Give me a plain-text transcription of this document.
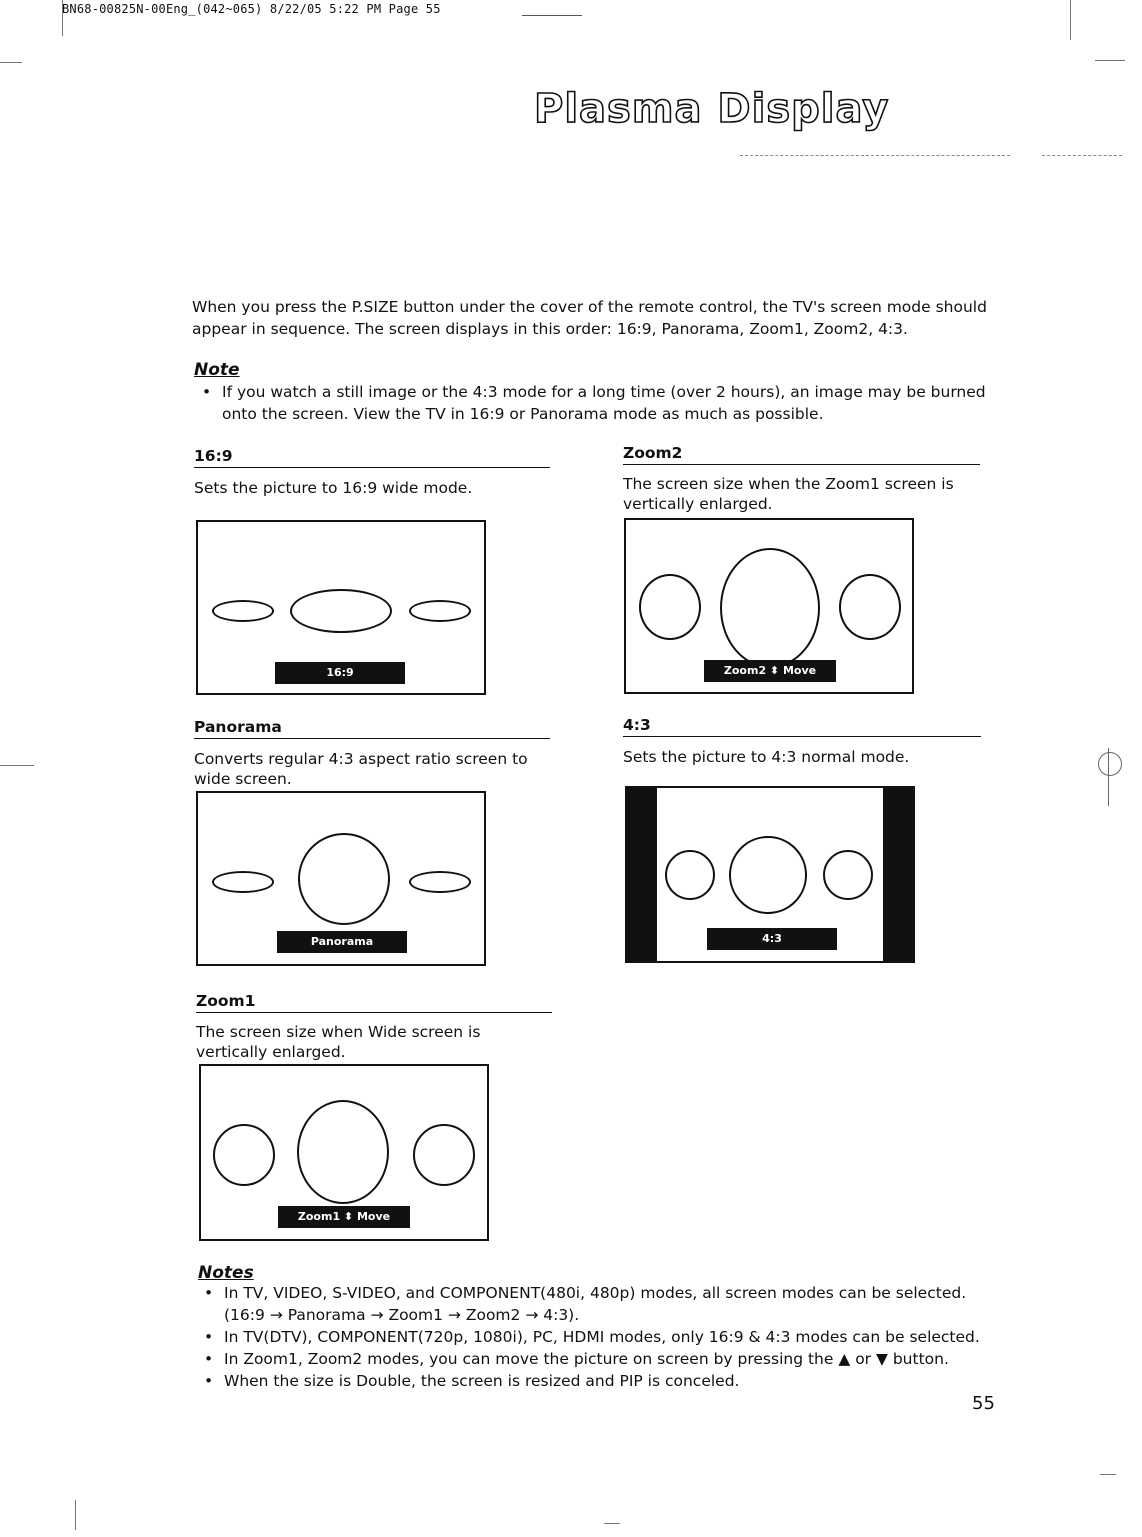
BN68-00825N-00Eng_(042~065) 8/22/05 5:22 PM Page 55
Plasma Display
When you press the P.SIZE button under the cover of the remote control, the TV's screen mode should
appear in sequence. The screen displays in this order: 16:9, Panorama, Zoom1, Zoom2, 4:3.
Note
• If you watch a still image or the 4:3 mode for a long time (over 2 hours), an image may be burned
onto the screen. View the TV in 16:9 or Panorama mode as much as possible.
16:9
Sets the picture to 16:9 wide mode.
16:9
Panorama
Converts regular 4:3 aspect ratio screen to
wide screen.
Panorama
Zoom1
The screen size when Wide screen is
vertically enlarged.
Zoom1 ⬍ Move
Zoom2
The screen size when the Zoom1 screen is
vertically enlarged.
Zoom2 ⬍ Move
4:3
Sets the picture to 4:3 normal mode.
4:3
Notes
• In TV, VIDEO, S-VIDEO, and COMPONENT(480i, 480p) modes, all screen modes can be selected.
(16:9 → Panorama → Zoom1 → Zoom2 → 4:3).
• In TV(DTV), COMPONENT(720p, 1080i), PC, HDMI modes, only 16:9 & 4:3 modes can be selected.
• In Zoom1, Zoom2 modes, you can move the picture on screen by pressing the ▲ or ▼ button.
• When the size is Double, the screen is resized and PIP is conceled.
55
